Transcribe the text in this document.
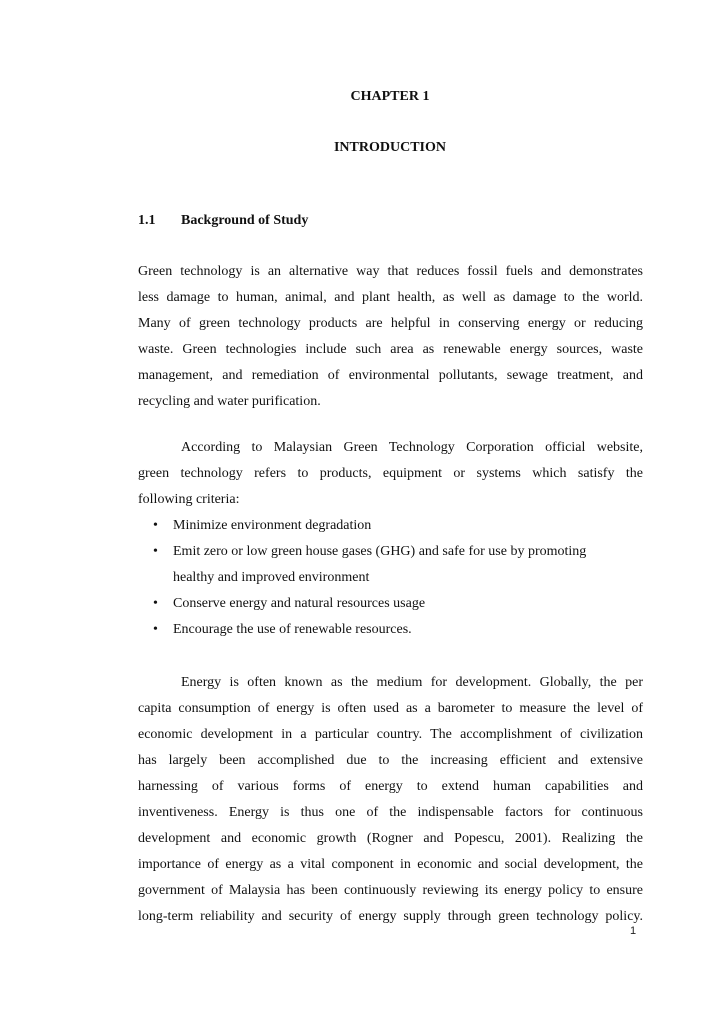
CHAPTER 1
INTRODUCTION
1.1 Background of Study
Green technology is an alternative way that reduces fossil fuels and demonstrates
less damage to human, animal, and plant health, as well as damage to the world.
Many of green technology products are helpful in conserving energy or reducing
waste. Green technologies include such area as renewable energy sources, waste
management, and remediation of environmental pollutants, sewage treatment, and
recycling and water purification.
According to Malaysian Green Technology Corporation official website,
green technology refers to products, equipment or systems which satisfy the
following criteria:
• Minimize environment degradation
• Emit zero or low green house gases (GHG) and safe for use by promoting
healthy and improved environment
• Conserve energy and natural resources usage
• Encourage the use of renewable resources.
Energy is often known as the medium for development. Globally, the per
capita consumption of energy is often used as a barometer to measure the level of
economic development in a particular country. The accomplishment of civilization
has largely been accomplished due to the increasing efficient and extensive
harnessing of various forms of energy to extend human capabilities and
inventiveness. Energy is thus one of the indispensable factors for continuous
development and economic growth (Rogner and Popescu, 2001). Realizing the
importance of energy as a vital component in economic and social development, the
government of Malaysia has been continuously reviewing its energy policy to ensure
long-term reliability and security of energy supply through green technology policy.
1
